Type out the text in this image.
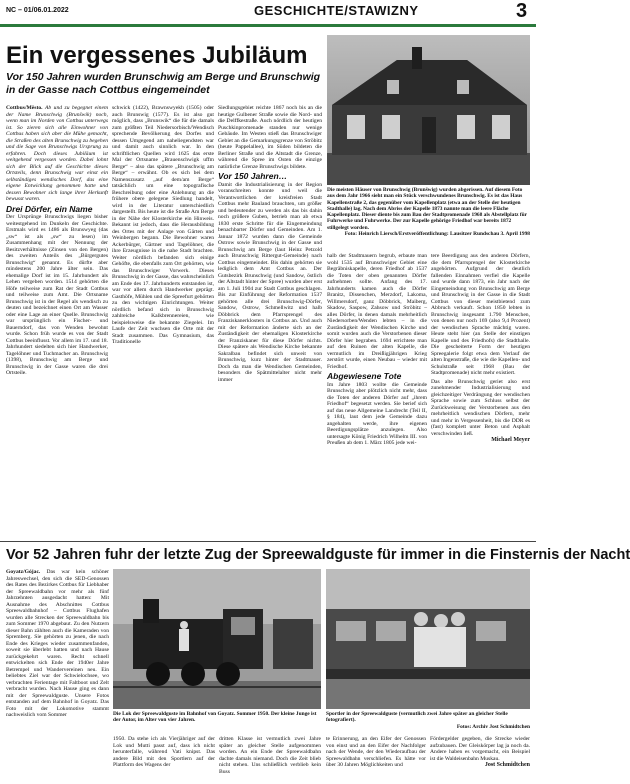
NC – 01/06.01.2022	GESCHICHTE/STAWIZNY	3
Ein vergessenes Jubiläum
Vor 150 Jahren wurden Brunschwig am Berge und Brunschwig in der Gasse nach Cottbus eingemeindet

Cottbus/Město. Ab und zu begegnet einem der Name Brunschwig (Brunšwik) noch, wenn man im Norden von Cottbus unterwegs ist. So zieren sich alle Einwohner von Cottbus haben sich aber die Mühe gemacht, die Straßen des alten Brunschwig zu begehen und die Sage von Brunschwigs Ursprung zu erfahren. Doch dieses Jubiläum ist weitgehend vergessen worden. Dabei lohnt sich der Blick auf die Geschichte dieses Ortsteils, denn Brunschwig war einst ein selbständiges wendisches Dorf, das eine eigene Entwicklung genommen hatte und dessen Bewohner sich lange ihrer Herkunft bewusst waren.

Drei Dörfer, ein Name

Der Ursprünge Brunschwigs liegen bisher weitestgehend im Dunkeln der Geschichte. Erstmals wird es 1486 als Brunswyeg (das „sw“ ist als „sw“ zu lesen) im Zusammenhang mit der Nennung der Besitzverhältnisse (Zinsen von den Bergen) des zweiten Anteils des „Bürgergutes Brunschwig“ genannt. Es dürfte aber mindestens 200 Jahre älter sein. Das ehemalige Dorf ist im 15. Jahrhundert als Lehen vergeben worden. 1514 gehörten die Höfe teilweise zum Rat der Stadt Cottbus und teilweise zum Amt. Die Ortsname Brunschwig ist in der Regel als wendisch zu deuten und bezeichnet einen Ort am Wasser oder eine Lage an einer Quelle. Brunschwig war ursprünglich ein Fischer- und Bauerndorf, das von Wenden bewohnt wurde. Schon früh wurde es von der Stadt Cottbus beeinflusst. Vor allem im 17. und 18. Jahrhundert siedelten sich hier Handwerker, Tagelöhner und Tuchmacher an. Brunschwig (1398), Brunschwig am Berge und Brunschwig in der Gasse waren die drei Ortsteile.

schwick (1422), Brawnswyekh (1505) oder auch Brunswig (1577). Es ist also gut möglich, dass „Brunswik“ die für die damals zum größten Teil Niedersorbisch/Wendisch sprechende Bevölkerung des Dorfes und dessen Umgegend am naheliegendsten war und damit auch sinnlich war. In den schriftlichen Quellen wird 1625 das erste Mal der Ortsname „Brauenschwigk uffm Berge“ – also das spätere „Brunschwig am Berge“ – erwähnt. Ob es sich bei dem Namenszusatz „auf dem/am Berge“ tatsächlich um eine topografische Beschreibung oder eine Anlehnung an die frühere obere gelegene Siedlung handelt, wird in der Literatur unterschiedlich dargestellt. Bis heute ist die Straße Am Berge in der Nähe der Klosterkirche ein Hinweis. Bekannt ist jedoch, dass die Herausbildung des Ortes mit der Anlage von Gärten und Weinbergen begann. Die Bewohner waren Ackerbürger, Gärtner und Tagelöhner, die ihre Erzeugnisse in die nahe Stadt brachten. Weiter nördlich befanden sich einige Gehöfte, die ebenfalls zum Ort gehörten, wie das Brunschwiger Vorwerk. Dieses Brunschwig in der Gasse, das wahrscheinlich am Ende des 17. Jahrhunderts entstanden ist, war vor allem durch Handwerker geprägt. Gasthöfe, Mühlen und die Spreefurt gehörten zu den wichtigen Einrichtungen. Weiter nördlich befand sich in Brunschwig zahlreiche Kalkbrennereien, wie beispielsweise die bekannte Ziegelei. Im Laufe der Zeit wuchsen die Orte mit der Stadt zusammen. Das Gymnasium, das Traditionelle

Siedlungsgebiet reichte 1867 noch bis an die heutige Gulbener Straße sowie die Nord- und die Delffkestraße. Auch nördlich der heutigen Puschkinpromenade standen nur wenige Gebäude. Im Westen stieß das Brunschwiger Gebiet an die Gemarkungsgrenze von Ströbitz (heute Pappelallee), im Süden bildeten die Berliner Straße und die Altstadt die Grenze, während die Spree im Osten die einzige natürliche Grenze Brunschwigs bildete.

Vor 150 Jahren…

Damit die Industrialisierung in der Region voranschreiten konnte und weil die Verantwortlichen der kreisfreien Stadt Cottbus mehr Bauland brauchten, um größer und bedeutender zu werden als das bis dahin noch größere Guben, betrieb man ab etwa 1830 erste Schritte für die Eingemeindung benachbarter Dörfer und Gemeinden. Am 1. Januar 1872 wurden dann die Gemeinde Ostrow sowie Brunschwig in der Gasse und Brunschwig am Berge (laut Heinz Petzold auch Brunschwig Rittergut-Gemeinde) nach Cottbus eingemeindet. Bis dahin gehörten sie lediglich dem Amt Cottbus an. Der Gutsbezirk Brunschwig (und Sandow, östlich der Altstadt hinter der Spree) wurden aber erst am 1. Juli 1904 zur Stadt Cottbus geschlagen. Bis zur Einführung der Reformation 1537 gehörten alle drei Brunschwig-Dörfer, Sandow, Ostrow, Schmellwitz und halb Döbbrick dem Pfarrsprengel des Franziskanerklosters in Cottbus an. Und auch mit der Reformation änderte sich an der Zuständigkeit der ehemaligen Klosterkirche der Franziskaner für diese Dörfer nichts. Diese spätere als Wendische Kirche bekannte Sakralbau befindet sich unweit von Brunschwig, kurz hinter der Stadtmauer. Doch da man die Wendischen Gemeinden, besonders die Spätmittelalter nicht mehr immer

Die meisten Häuser von Brunschwig (Brunšwig) wurden abgerissen. Auf diesem Foto aus dem Jahr 1966 sieht man ein Stück verschwundenes Brunschwig. Es ist das Haus Kapellenstraße 2, das gegenüber vom Kapellenplatz (etwa an der Stelle der heutigen Stadthalle) lag. Nach dem Abriss der Kapelle 1873 nannte man die leere Fläche Kapellenplatz. Dieser diente bis zum Bau der Stadtpromenade 1968 als Abstellplatz für Fuhrwerke und Fuhrwerke. Der zur Kapelle gehörige Friedhof war bereits 1872 stillgelegt worden.
Foto: Heinrich Liersch/Erstveröffentlichung: Lausitzer Rundschau 3. April 1998

halb der Stadtmauern begrub, erbaute man wohl 1535 auf Brunschwiger Gebiet eine Begräbniskapelle, deren Friedhof ab 1537 die Toten der oben genannten Dörfer aufnehmen sollte. Anfang des 17. Jahrhunderts kamen auch die Dörfer Branitz, Dissenchen, Merzdorf, Lakoma, Willmersdorf, ganz Döbbrick, Maiberg, Skadow, Saspow, Zahsow und Ströbitz – alles Dörfer, in denen damals mehrheitlich Niedersorben/Wenden lebten – in die Zuständigkeit der Wendischen Kirche und somit wurden auch die Verstorbenen dieser Dörfer hier begraben. 1694 errichtete man auf den Ruinen der alten Kapelle, die vermutlich im Dreißigjährigen Krieg zerstört wurde, einen Neubau – wieder mit Friedhof.

Abgewiesene Tote

Im Jahre 1803 wollte die Gemeinde Brunschwig aber plötzlich nicht mehr, dass die Toten der anderen Dörfer auf „ihrem Friedhof“ begesetzt werden. Sie berief sich auf das neue Allgemeine Landrecht (Teil II, § 184), laut dem jede Gemeinde dazu angehalten werde, ihre eigenen Beerdigungsplätze anzulegen. Also untersagte König Friedrich Wilhelm III. von Preußen ab dem 1. März 1805 jede wei-

tere Beerdigung aus den anderen Dörfern, die dem Pfarrsprengel der Klosterkirche angehörten. Aufgrund der deutlich fallenden Einnahmen verfiel die Kapelle und wurde dann 1873, ein Jahr nach der Eingemeindung von Brunschwig am Berge und Brunschwig in der Gasse in die Stadt Cottbus von dieser meistbietend zum Abbruch verkauft. Schon 1850 lebten in Brunschwig insgesamt 1.790 Menschen, von denen nur noch 169 (also 9,4 Prozent) der wendischen Sprache mächtig waren. Heute steht hier (an Stelle der einstigen Kapelle und des Friedhofs) die Stadthalle. Die gescheiterte Form der heutigen Spreegalerie folgt etwa dem Verlauf der alten Ingenstraße, die wie die Kapellen- und Schulstraße seit 1968 (Bau der Stadtpromenade) nicht mehr existiert.

Das alte Brunschwig geriet also erst zunehmender Industrialisierung und gleichzeitiger Verdrängung der wendischen Sprache sowie zum Schluss selbst der Zurückweisung der Verstorbenen aus den mehrheitlich wendischen Dörfern, mehr und mehr in Vergessenheit, bis die DDR es (fast) komplett unter Beton und Asphalt verschwinden ließ.

Michael Meyer

Vor 52 Jahren fuhr der letzte Zug der Spreewaldguste für immer in die Finsternis der Nacht

Goyatz/Gójac. Das war kein schöner Jahreswechsel, den sich die SED-Genossen des Rates des Bezirkes Cottbus für Liebhaber der Spreewaldbahn vor mehr als fünf Jahrzehnten ausgedacht hatten: Mit Ausnahme des Abschnittes Cottbus Spreewaldbahnhof – Cottbus Flughafen wurden alle Strecken der Spreewaldbahn bis zum Sommer 1970 abgebaut. Zu den Nutzern dieser Bahn zählten auch die Kameraden von Spremberg. Sie gehörten zu jenen, die nach Ende des Krieges wieder zusammenfanden, soweit sie überlebt hatten und nach Hause zurückgekehrt waren. Recht schnell entwickelten sich Ende der 1940er Jahre Betrempel und Wandervereinen neu. Ein beliebtes Ziel war der Schwielochsee, wo verbrachten Ferientage mit Faltboot und Zelt verbracht wurden. Nach Hause ging es dann mit der Spreewaldguste. Unsere Fotos entstanden auf dem Bahnhof in Goyatz. Das Foto mit der Lokomotive stammt nachweislich vom Sommer	Die Lok der Spreewaldguste im Bahnhof von Goyatz. Sommer 1950. Der kleine Junge ist der Autor, im Alter von vier Jahren.

1950. Da stehe ich als Vierjähriger auf der Lok und Mutti passt auf, dass ich nicht herunterfalle, während Vati knipst. Das andere Bild mit den Sportlern auf der Plattform des Wagens der

dritten Klasse ist vermutlich zwei Jahre später an gleicher Stelle aufgenommen worden. An ein Ende der Spreewaldbahn dachte damals niemand. Doch die Zeit blieb nicht stehen. Uns schließlich verblieb kein Buss

Sportler in der Spreewaldguste (vermutlich zwei Jahre später an gleicher Stelle fotografiert).
Fotos: Archiv Jost Schmidtchen

te Erinnerung, an den Eifer der Genossen von einst und an den Eifer der Nachfolger nach der Wende, der den Wiederaufbau der Spreewaldbahn verschliefen. Es hätte vor über 30 Jahren Möglichkeiten und

Fördergelder gegeben, die Strecke wieder aufzubauen. Der Gleiskörper lag ja noch da. Andere haben es vorgemacht, ein Beispiel ist die Waldeisenbahn Muskau.

Jost Schmidtchen
